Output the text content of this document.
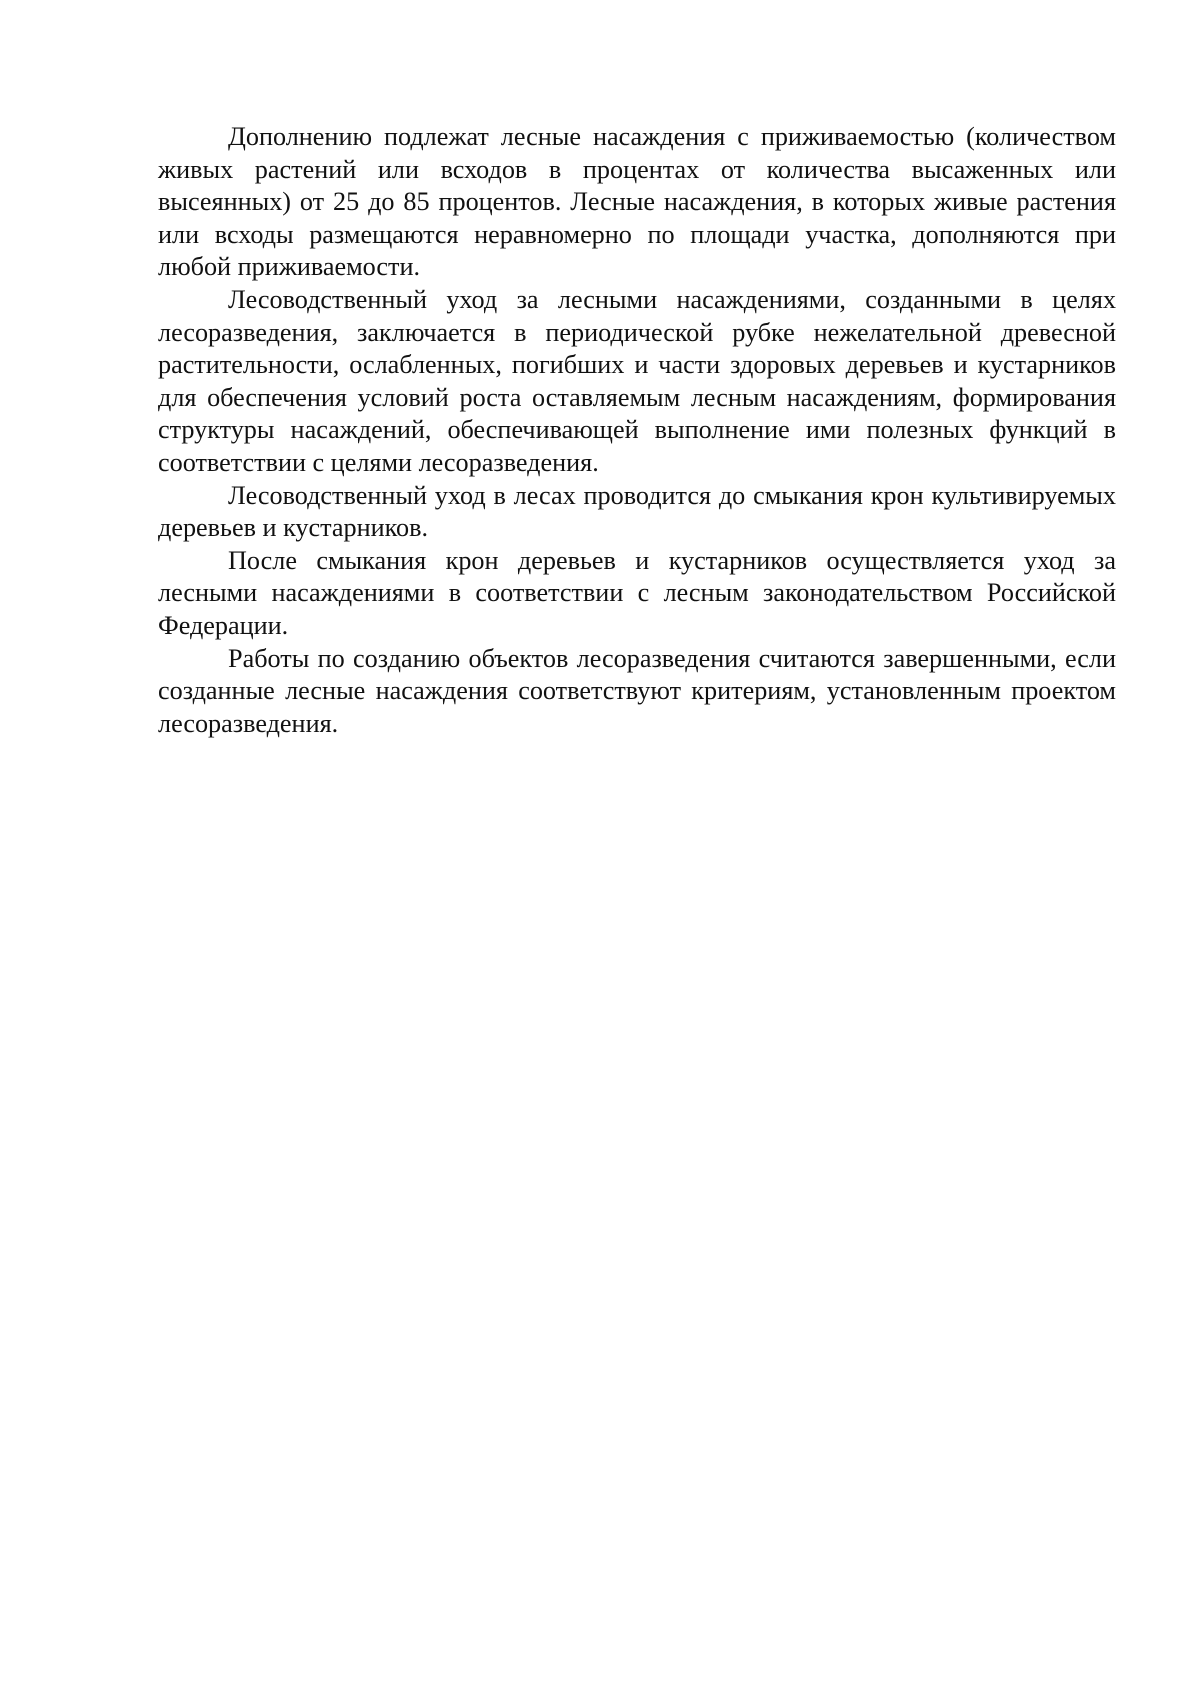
Дополнению подлежат лесные насаждения с приживаемостью (количеством живых растений или всходов в процентах от количества высаженных или высеянных) от 25 до 85 процентов. Лесные насаждения, в которых живые растения или всходы размещаются неравномерно по площади участка, дополняются при любой приживаемости.

Лесоводственный уход за лесными насаждениями, созданными в целях лесоразведения, заключается в периодической рубке нежелательной древесной растительности, ослабленных, погибших и части здоровых деревьев и кустарников для обеспечения условий роста оставляемым лесным насаждениям, формирования структуры насаждений, обеспечивающей выполнение ими полезных функций в соответствии с целями лесоразведения.

Лесоводственный уход в лесах проводится до смыкания крон культивируемых деревьев и кустарников.

После смыкания крон деревьев и кустарников осуществляется уход за лесными насаждениями в соответствии с лесным законодательством Российской Федерации.

Работы по созданию объектов лесоразведения считаются завершенными, если созданные лесные насаждения соответствуют критериям, установленным проектом лесоразведения.
